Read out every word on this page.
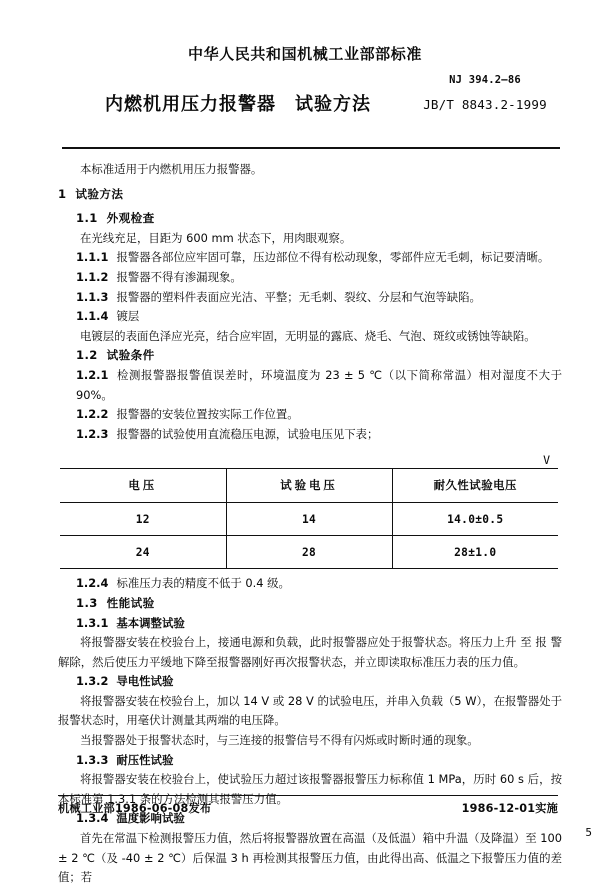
中华人民共和国机械工业部部标准
内燃机用压力报警器　试验方法
NJ 394.2—86
JB/T 8843.2-1999

本标准适用于内燃机用压力报警器。

1 试验方法

1.1 外观检查

在光线充足，目距为 600 mm 状态下，用肉眼观察。

1.1.1 报警器各部位应牢固可靠，压边部位不得有松动现象，零部件应无毛刺，标记要清晰。

1.1.2 报警器不得有渗漏现象。

1.1.3 报警器的塑料件表面应光洁、平整；无毛刺、裂纹、分层和气泡等缺陷。

1.1.4 镀层

电镀层的表面色泽应光亮，结合应牢固，无明显的露底、烧毛、气泡、斑纹或锈蚀等缺陷。

1.2 试验条件

1.2.1 检测报警器报警值误差时，环境温度为 23 ± 5 ℃（以下简称常温）相对湿度不大于 90%。

1.2.2 报警器的安装位置按实际工作位置。

1.2.3 报警器的试验使用直流稳压电源，试验电压见下表；

V
电压	试验电压	耐久性试验电压
12	14	14.0±0.5
24	28	28±1.0

1.2.4 标准压力表的精度不低于 0.4 级。

1.3 性能试验

1.3.1 基本调整试验

将报警器安装在校验台上，接通电源和负载，此时报警器应处于报警状态。将压力上升 至 报 警 解除，然后使压力平缓地下降至报警器刚好再次报警状态，并立即读取标准压力表的压力值。

1.3.2 导电性试验

将报警器安装在校验台上，加以 14 V 或 28 V 的试验电压，并串入负载（5 W），在报警器处于报警状态时，用毫伏计测量其两端的电压降。

当报警器处于报警状态时，与三连接的报警信号不得有闪烁或时断时通的现象。

1.3.3 耐压性试验

将报警器安装在校验台上，使试验压力超过该报警器报警压力标称值 1 MPa，历时 60 s 后，按本标准第 1.3.1 条的方法检测其报警压力值。

1.3.4 温度影响试验

首先在常温下检测报警压力值，然后将报警器放置在高温（及低温）箱中升温（及降温）至 100 ± 2 ℃（及 -40 ± 2 ℃）后保温 3 h 再检测其报警压力值，由此得出高、低温之下报警压力值的差值；若

机械工业部1986-06-08发布	1986-12-01实施
5
